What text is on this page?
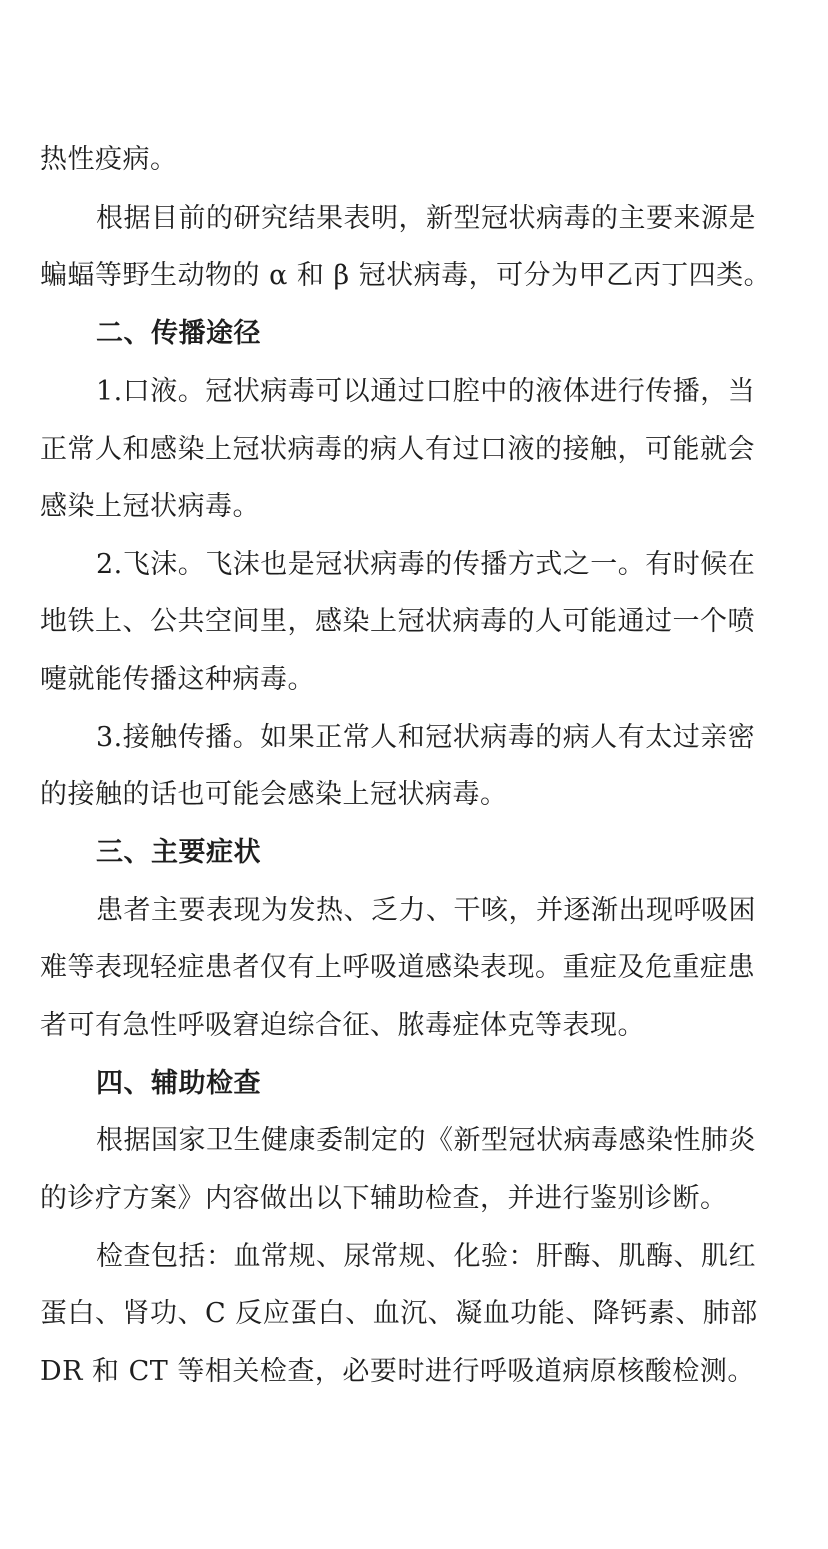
热性疫病。
根据目前的研究结果表明，新型冠状病毒的主要来源是
蝙蝠等野生动物的 α 和 β 冠状病毒，可分为甲乙丙丁四类。
二、传播途径
1.口液。冠状病毒可以通过口腔中的液体进行传播，当
正常人和感染上冠状病毒的病人有过口液的接触，可能就会
感染上冠状病毒。
2.飞沫。飞沫也是冠状病毒的传播方式之一。有时候在
地铁上、公共空间里，感染上冠状病毒的人可能通过一个喷
嚏就能传播这种病毒。
3.接触传播。如果正常人和冠状病毒的病人有太过亲密
的接触的话也可能会感染上冠状病毒。
三、主要症状
患者主要表现为发热、乏力、干咳，并逐渐出现呼吸困
难等表现轻症患者仅有上呼吸道感染表现。重症及危重症患
者可有急性呼吸窘迫综合征、脓毒症体克等表现。
四、辅助检查
根据国家卫生健康委制定的《新型冠状病毒感染性肺炎
的诊疗方案》内容做出以下辅助检查，并进行鉴别诊断。
检查包括：血常规、尿常规、化验：肝酶、肌酶、肌红
蛋白、肾功、C 反应蛋白、血沉、凝血功能、降钙素、肺部
DR 和 CT 等相关检查，必要时进行呼吸道病原核酸检测。
